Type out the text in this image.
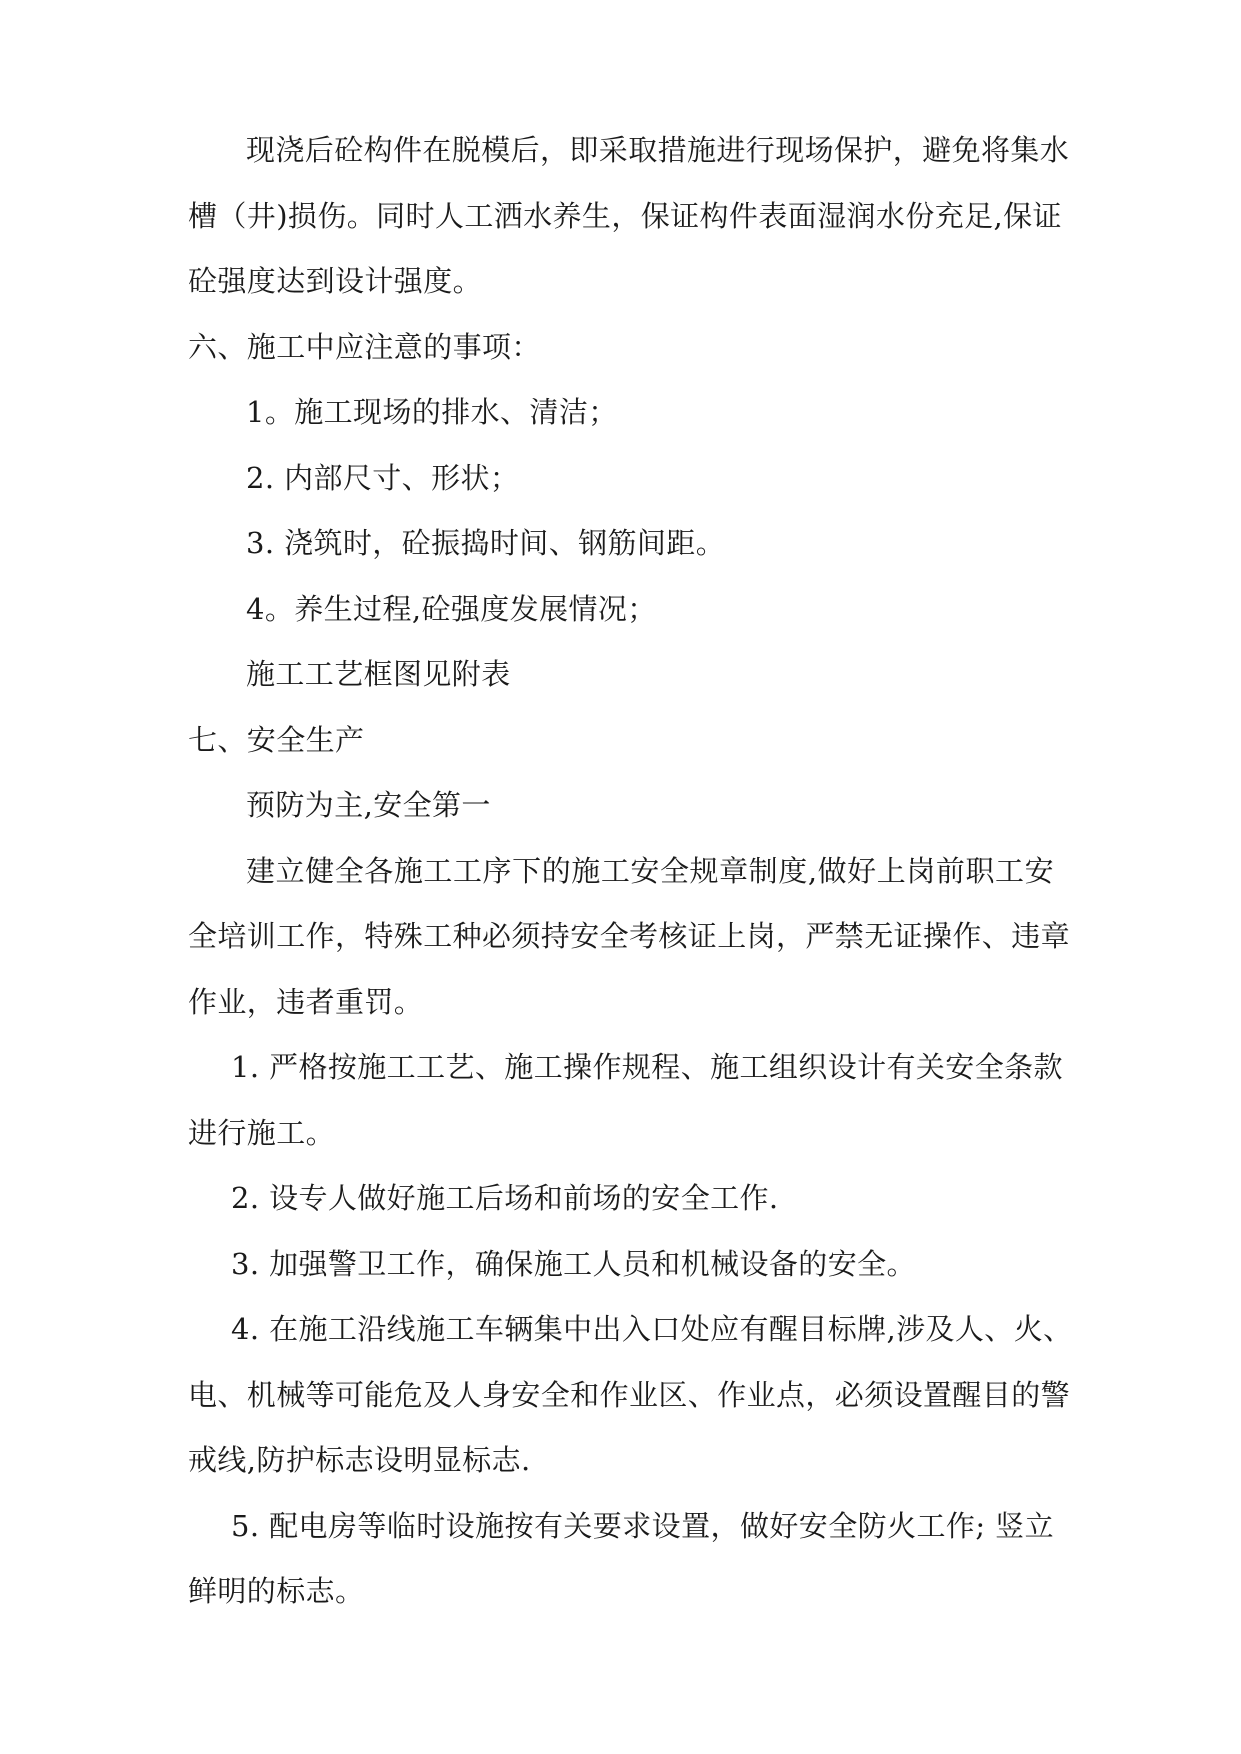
现浇后砼构件在脱模后，即采取措施进行现场保护，避免将集水
槽（井)损伤。同时人工洒水养生，保证构件表面湿润水份充足,保证
砼强度达到设计强度。
六、施工中应注意的事项：
1。施工现场的排水、清洁；
2. 内部尺寸、形状；
3. 浇筑时，砼振捣时间、钢筋间距。
4。养生过程,砼强度发展情况；
施工工艺框图见附表
七、安全生产
预防为主,安全第一
建立健全各施工工序下的施工安全规章制度,做好上岗前职工安
全培训工作，特殊工种必须持安全考核证上岗，严禁无证操作、违章
作业，违者重罚。
1. 严格按施工工艺、施工操作规程、施工组织设计有关安全条款
进行施工。
2. 设专人做好施工后场和前场的安全工作.
3. 加强警卫工作，确保施工人员和机械设备的安全。
4. 在施工沿线施工车辆集中出入口处应有醒目标牌,涉及人、火、
电、机械等可能危及人身安全和作业区、作业点，必须设置醒目的警
戒线,防护标志设明显标志.
5. 配电房等临时设施按有关要求设置，做好安全防火工作; 竖立
鲜明的标志。
